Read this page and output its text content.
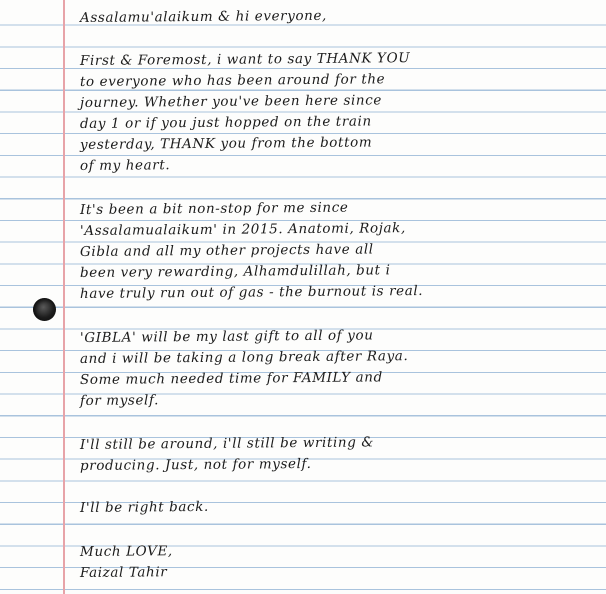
Assalamu'alaikum & hi everyone,

First & Foremost, i want to say THANK YOU

to everyone who has been around for the

journey. Whether you've been here since

day 1 or if you just hopped on the train

yesterday, THANK you from the bottom

of my heart.

It's been a bit non-stop for me since

'Assalamualaikum' in 2015. Anatomi, Rojak,

Gibla and all my other projects have all

been very rewarding, Alhamdulillah, but i

have truly run out of gas - the burnout is real.

'GIBLA' will be my last gift to all of you

and i will be taking a long break after Raya.

Some much needed time for FAMILY and

for myself.

I'll still be around, i'll still be writing &

producing. Just, not for myself.

I'll be right back.

Much LOVE,

Faizal Tahir
